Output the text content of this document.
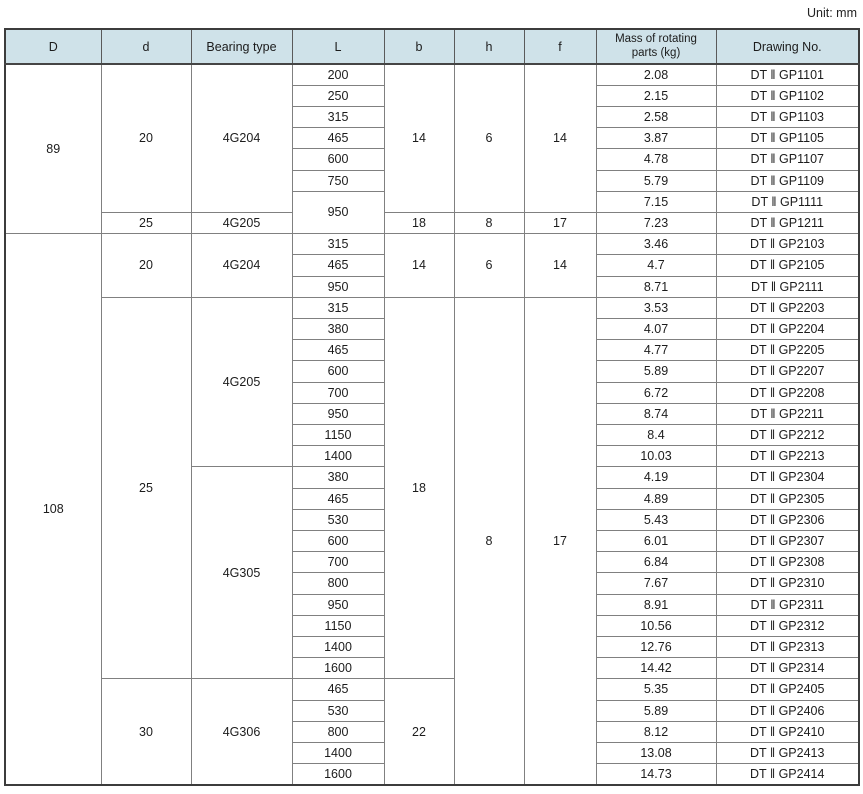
Unit: mm
D	d	Bearing type	L	b	h	f	Mass of rotating parts (kg)	Drawing No.
89	20	4G204	200	14	6	14	2.08	DT ‖ GP1101
			250				2.15	DT ‖ GP1102
			315				2.58	DT ‖ GP1103
			465				3.87	DT ‖ GP1105
			600				4.78	DT ‖ GP1107
			750				5.79	DT ‖ GP1109
			950				7.15	DT ‖ GP1111
	25	4G205		18	8	17	7.23	DT ‖ GP1211
108	20	4G204	315	14	6	14	3.46	DT ‖ GP2103
			465				4.7	DT ‖ GP2105
			950				8.71	DT ‖ GP2111
	25	4G205	315	18	8	17	3.53	DT ‖ GP2203
			380				4.07	DT ‖ GP2204
			465				4.77	DT ‖ GP2205
			600				5.89	DT ‖ GP2207
			700				6.72	DT ‖ GP2208
			950				8.74	DT ‖ GP2211
			1150				8.4	DT ‖ GP2212
			1400				10.03	DT ‖ GP2213
		4G305	380				4.19	DT ‖ GP2304
			465				4.89	DT ‖ GP2305
			530				5.43	DT ‖ GP2306
			600				6.01	DT ‖ GP2307
			700				6.84	DT ‖ GP2308
			800				7.67	DT ‖ GP2310
			950				8.91	DT ‖ GP2311
			1150				10.56	DT ‖ GP2312
			1400				12.76	DT ‖ GP2313
			1600				14.42	DT ‖ GP2314
	30	4G306	465	22			5.35	DT ‖ GP2405
			530				5.89	DT ‖ GP2406
			800				8.12	DT ‖ GP2410
			1400				13.08	DT ‖ GP2413
			1600				14.73	DT ‖ GP2414
